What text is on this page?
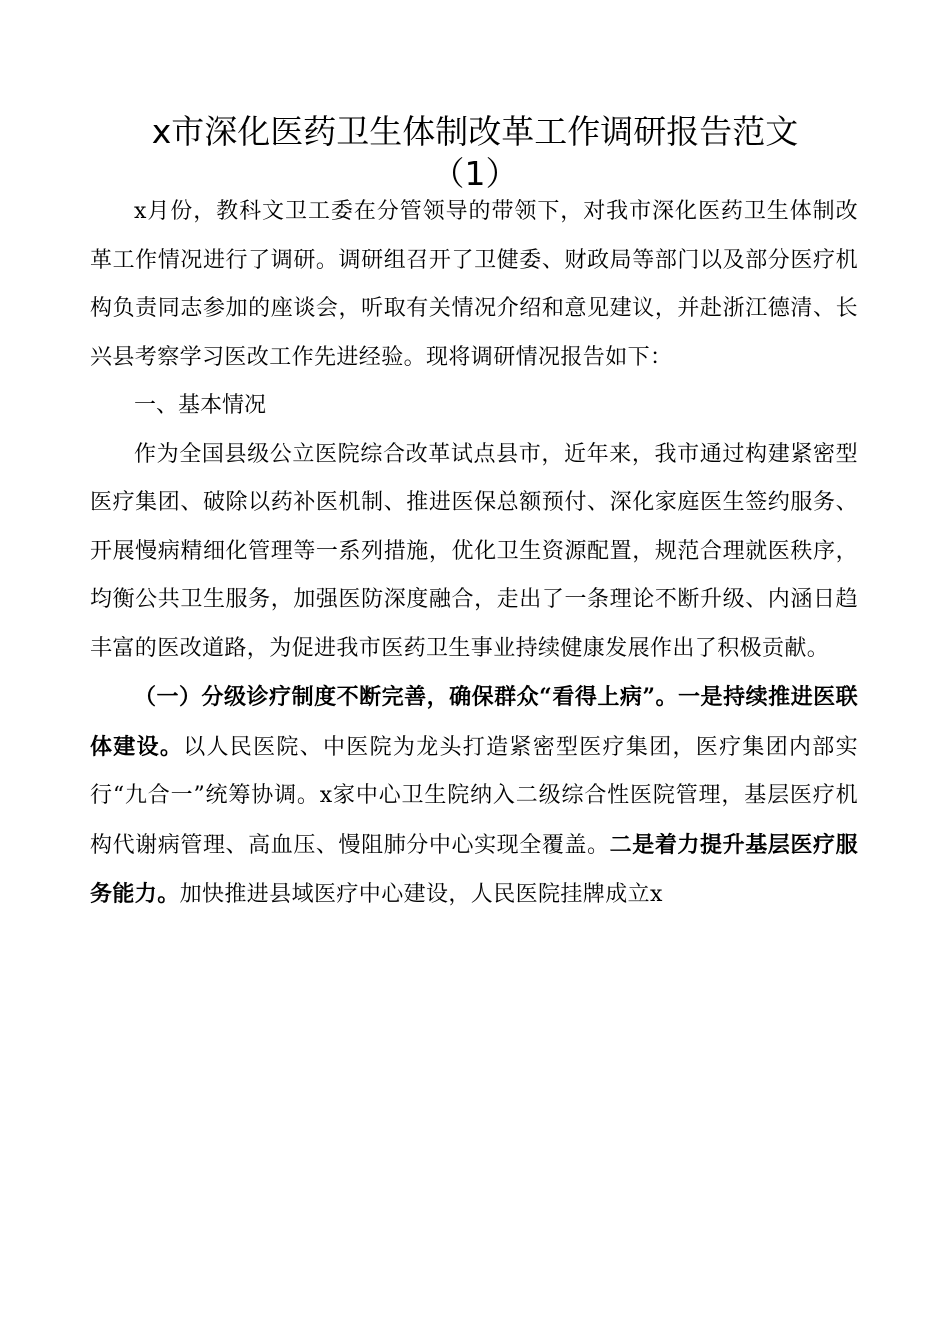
x市深化医药卫生体制改革工作调研报告范文
（1）

x月份，教科文卫工委在分管领导的带领下，对我市深化医药卫生体制改革工作情况进行了调研。调研组召开了卫健委、财政局等部门以及部分医疗机构负责同志参加的座谈会，听取有关情况介绍和意见建议，并赴浙江德清、长兴县考察学习医改工作先进经验。现将调研情况报告如下：

一、基本情况

作为全国县级公立医院综合改革试点县市，近年来，我市通过构建紧密型医疗集团、破除以药补医机制、推进医保总额预付、深化家庭医生签约服务、开展慢病精细化管理等一系列措施，优化卫生资源配置，规范合理就医秩序，均衡公共卫生服务，加强医防深度融合，走出了一条理论不断升级、内涵日趋丰富的医改道路，为促进我市医药卫生事业持续健康发展作出了积极贡献。

（一）分级诊疗制度不断完善，确保群众“看得上病”。一是持续推进医联体建设。以人民医院、中医院为龙头打造紧密型医疗集团，医疗集团内部实行“九合一”统筹协调。x家中心卫生院纳入二级综合性医院管理，基层医疗机构代谢病管理、高血压、慢阻肺分中心实现全覆盖。二是着力提升基层医疗服务能力。加快推进县域医疗中心建设，人民医院挂牌成立x
